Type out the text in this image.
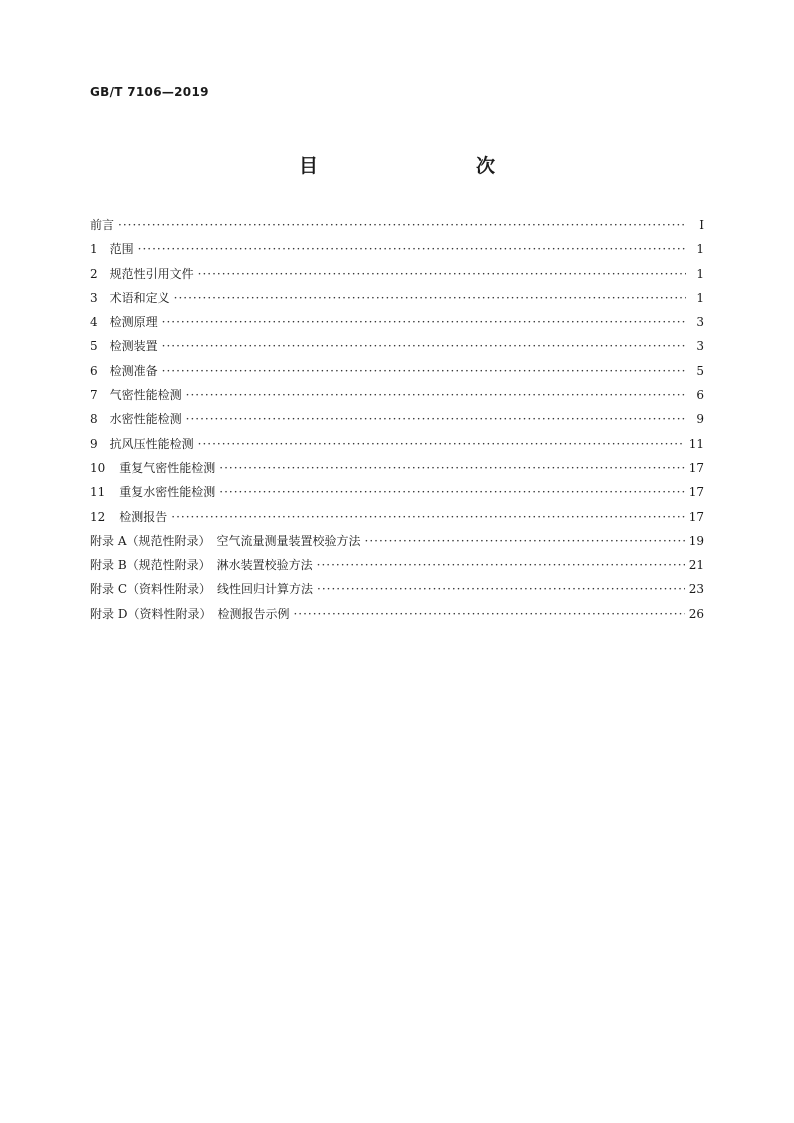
GB/T 7106—2019
目　　次
前言 ·····	Ⅰ
1 范围 ·····	1
2 规范性引用文件 ·····	1
3 术语和定义 ·····	1
4 检测原理 ·····	3
5 检测装置 ·····	3
6 检测准备 ·····	5
7 气密性能检测 ·····	6
8 水密性能检测 ·····	9
9 抗风压性能检测 ·····	11
10 重复气密性能检测 ·····	17
11 重复水密性能检测 ·····	17
12 检测报告 ·····	17
附录 A （规范性附录）　空气流量测量装置校验方法 ·····	19
附录 B （规范性附录）　淋水装置校验方法 ·····	21
附录 C （资料性附录）　线性回归计算方法 ·····	23
附录 D （资料性附录）　检测报告示例 ·····	26
